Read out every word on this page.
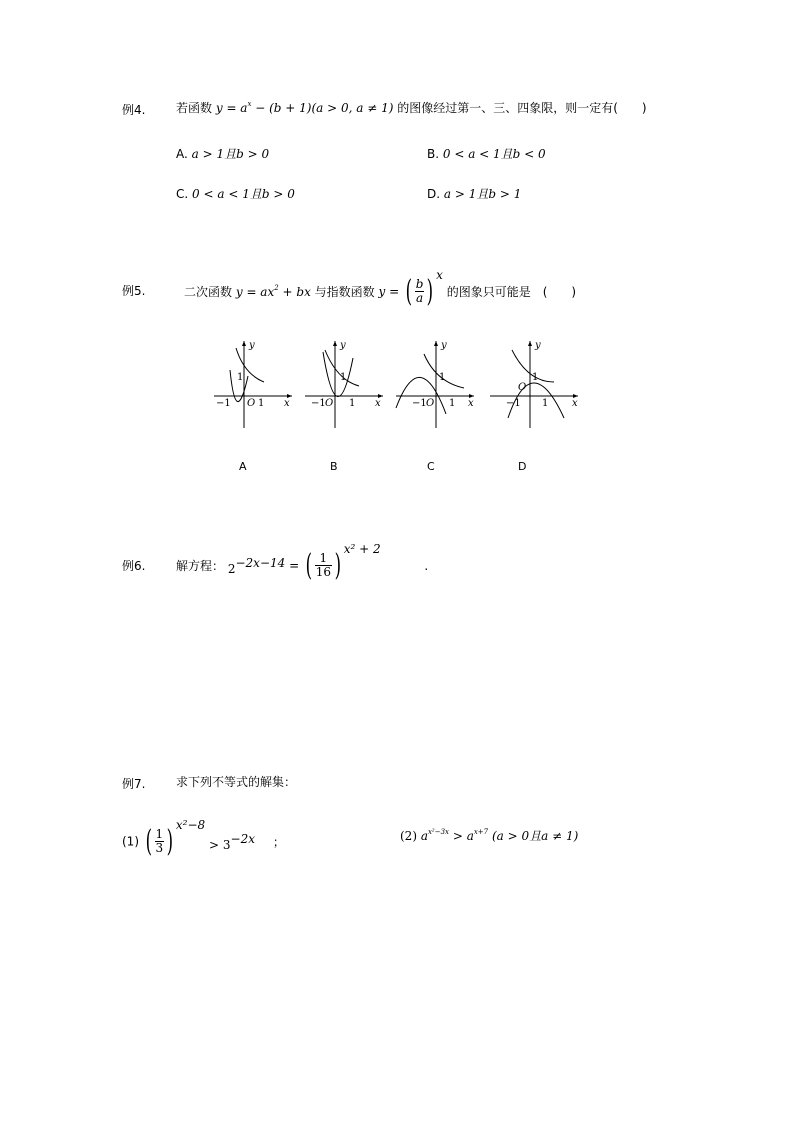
例4.	若函数 $y = a^x - (b + 1)(a > 0$, a ≠ 1) 的图像经过第一、三、四象限，则一定有(　　)
A. a > 1且b > 0	B. 0 < a < 1且b < 0
C. 0 < a < 1且b > 0	D. a > 1且b > 1
例5.	二次函数 $y = ax^2$ + bx 与指数函数 y = ( $\frac{b}{a}$ ) $^x$ 的图象只可能是　(　　)
y
1
−1 O 1 x
y
1
−1 O 1 x
y
1
−1 O 1 x
y
1
O
−1 1 x
A	B	C	D
例6.	解方程： $2^{-2x-14}$ = ( $\frac{1}{16}$ ) $^{x^2 + 2}$ .
例7.	求下列不等式的解集：
(1) ( $\frac{1}{3}$ ) $^{x^2-8} > 3^{-2x}$ ；	(2) $a^{x^2-3x} > a^{x+7}$ (a > 0且a ≠ 1)
